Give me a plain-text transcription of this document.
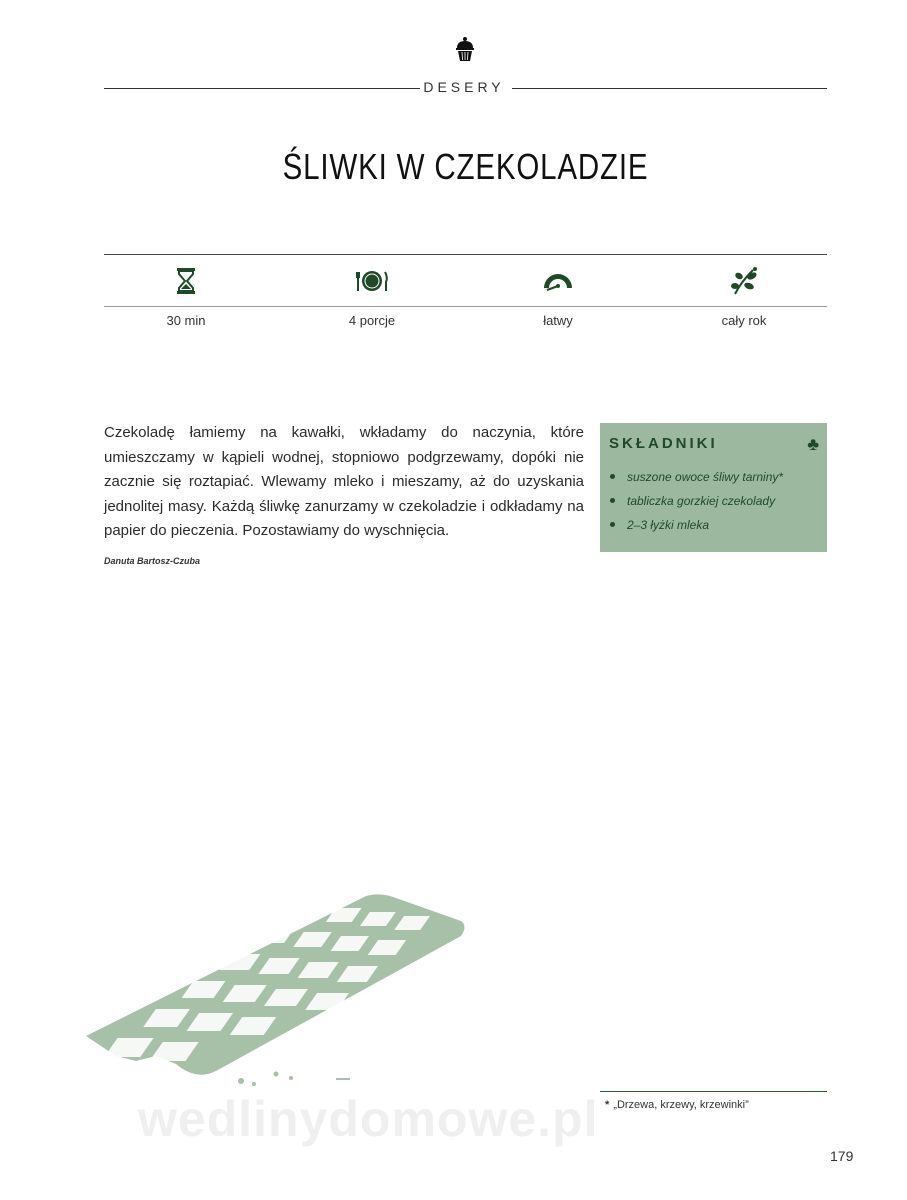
DESERY
ŚLIWKI W CZEKOLADZIE
30 min	4 porcje	łatwy	cały rok

Czekoladę łamiemy na kawałki, wkładamy do naczynia, które umieszczamy w kąpieli wodnej, stopniowo podgrzewamy, dopóki nie zacznie się roztapiać. Wlewamy mleko i mieszamy, aż do uzyskania jednolitej masy. Każdą śliwkę zanurzamy w czekoladzie i odkładamy na papier do pieczenia. Pozostawiamy do wyschnięcia.

Danuta Bartosz-Czuba
SKŁADNIKI	♣
suszone owoce śliwy tarniny*
tabliczka gorzkiej czekolady
2–3 łyżki mleka
* „Drzewa, krzewy, krzewinki”
wedlinydomowe.pl
179
